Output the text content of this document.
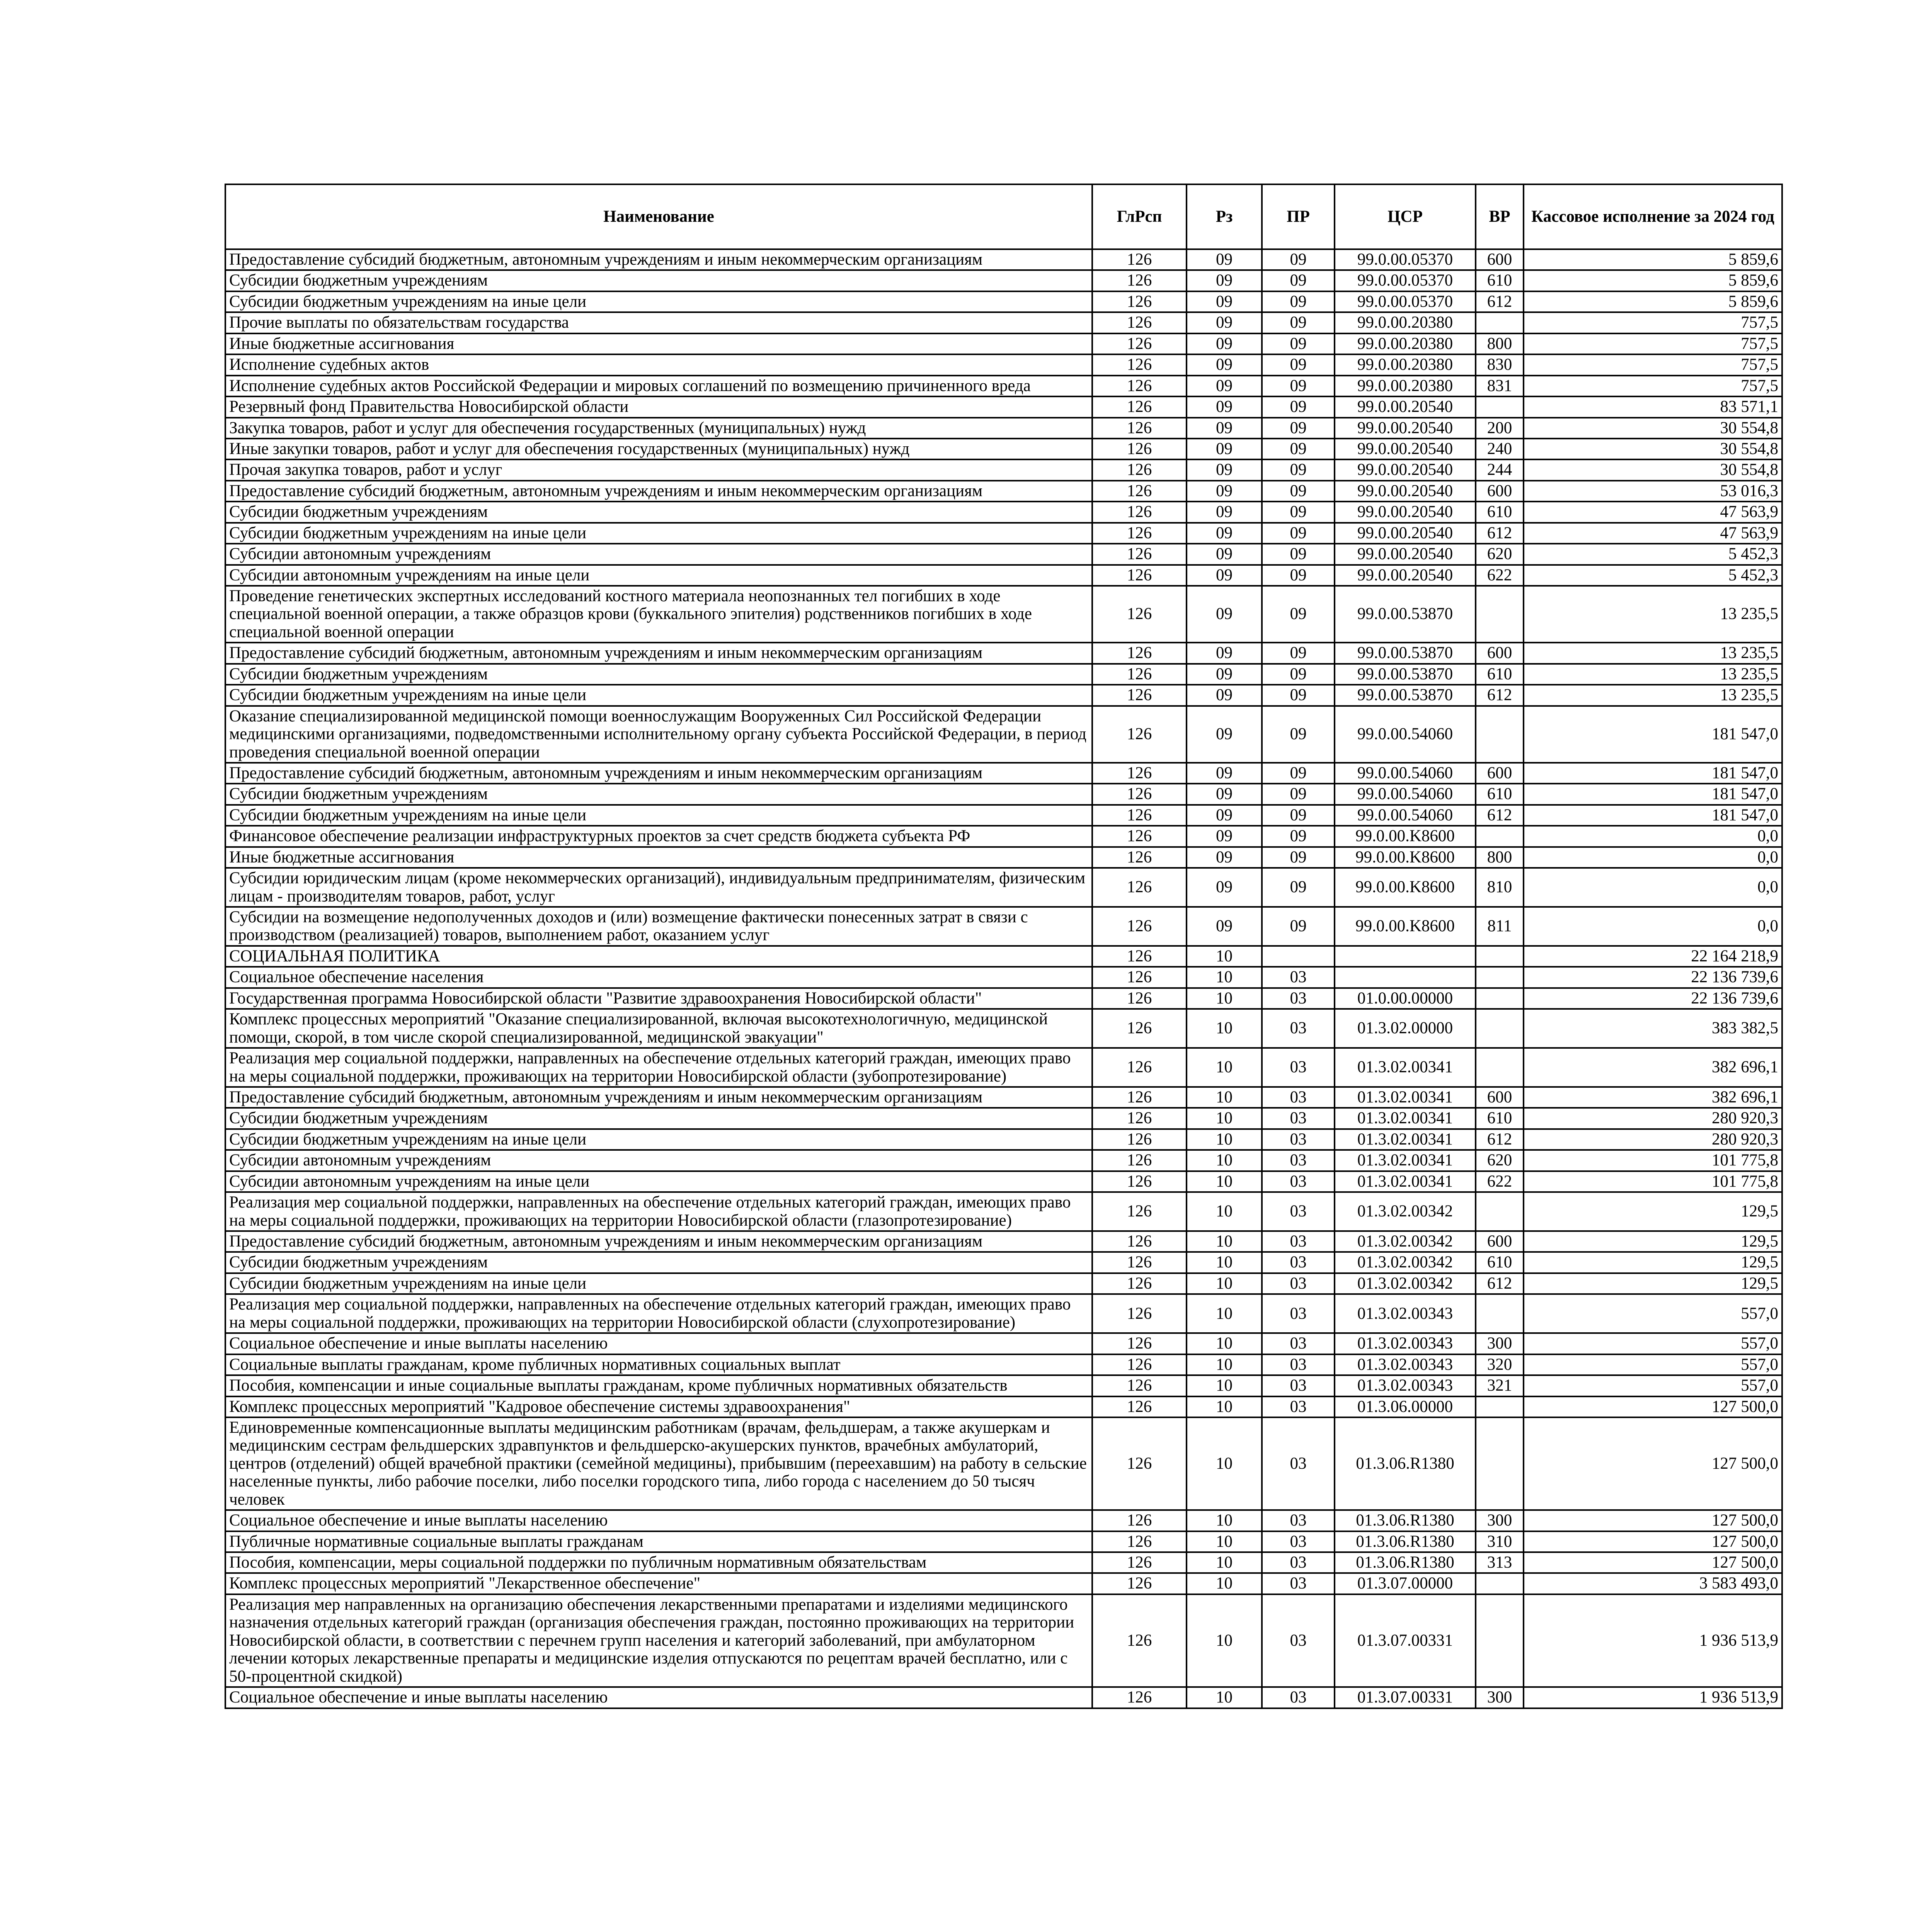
Наименование	ГлРсп	Рз	ПР	ЦСР	ВР	Кассовое исполнение за 2024 год
Предоставление субсидий бюджетным, автономным учреждениям и иным некоммерческим организациям	126	09	09	99.0.00.05370	600	5 859,6
Субсидии бюджетным учреждениям	126	09	09	99.0.00.05370	610	5 859,6
Субсидии бюджетным учреждениям на иные цели	126	09	09	99.0.00.05370	612	5 859,6
Прочие выплаты по обязательствам государства	126	09	09	99.0.00.20380		757,5
Иные бюджетные ассигнования	126	09	09	99.0.00.20380	800	757,5
Исполнение судебных актов	126	09	09	99.0.00.20380	830	757,5
Исполнение судебных актов Российской Федерации и мировых соглашений по возмещению причиненного вреда	126	09	09	99.0.00.20380	831	757,5
Резервный фонд Правительства Новосибирской области	126	09	09	99.0.00.20540		83 571,1
Закупка товаров, работ и услуг для обеспечения государственных (муниципальных) нужд	126	09	09	99.0.00.20540	200	30 554,8
Иные закупки товаров, работ и услуг для обеспечения государственных (муниципальных) нужд	126	09	09	99.0.00.20540	240	30 554,8
Прочая закупка товаров, работ и услуг	126	09	09	99.0.00.20540	244	30 554,8
Предоставление субсидий бюджетным, автономным учреждениям и иным некоммерческим организациям	126	09	09	99.0.00.20540	600	53 016,3
Субсидии бюджетным учреждениям	126	09	09	99.0.00.20540	610	47 563,9
Субсидии бюджетным учреждениям на иные цели	126	09	09	99.0.00.20540	612	47 563,9
Субсидии автономным учреждениям	126	09	09	99.0.00.20540	620	5 452,3
Субсидии автономным учреждениям на иные цели	126	09	09	99.0.00.20540	622	5 452,3
Проведение генетических экспертных исследований костного материала неопознанных тел погибших в ходе специальной военной операции, а также образцов крови (буккального эпителия) родственников погибших в ходе специальной военной операции	126	09	09	99.0.00.53870		13 235,5
Предоставление субсидий бюджетным, автономным учреждениям и иным некоммерческим организациям	126	09	09	99.0.00.53870	600	13 235,5
Субсидии бюджетным учреждениям	126	09	09	99.0.00.53870	610	13 235,5
Субсидии бюджетным учреждениям на иные цели	126	09	09	99.0.00.53870	612	13 235,5
Оказание специализированной медицинской помощи военнослужащим Вооруженных Сил Российской Федерации медицинскими организациями, подведомственными исполнительному органу субъекта Российской Федерации, в период проведения специальной военной операции	126	09	09	99.0.00.54060		181 547,0
Предоставление субсидий бюджетным, автономным учреждениям и иным некоммерческим организациям	126	09	09	99.0.00.54060	600	181 547,0
Субсидии бюджетным учреждениям	126	09	09	99.0.00.54060	610	181 547,0
Субсидии бюджетным учреждениям на иные цели	126	09	09	99.0.00.54060	612	181 547,0
Финансовое обеспечение реализации инфраструктурных проектов за счет средств бюджета субъекта РФ	126	09	09	99.0.00.K8600		0,0
Иные бюджетные ассигнования	126	09	09	99.0.00.K8600	800	0,0
Субсидии юридическим лицам (кроме некоммерческих организаций), индивидуальным предпринимателям, физическим лицам - производителям товаров, работ, услуг	126	09	09	99.0.00.K8600	810	0,0
Субсидии на возмещение недополученных доходов и (или) возмещение фактически понесенных затрат в связи с производством (реализацией) товаров, выполнением работ, оказанием услуг	126	09	09	99.0.00.K8600	811	0,0
СОЦИАЛЬНАЯ ПОЛИТИКА	126	10				22 164 218,9
Социальное обеспечение населения	126	10	03			22 136 739,6
Государственная программа Новосибирской области "Развитие здравоохранения Новосибирской области"	126	10	03	01.0.00.00000		22 136 739,6
Комплекс процессных мероприятий "Оказание специализированной, включая высокотехнологичную, медицинской помощи, скорой, в том числе скорой специализированной, медицинской эвакуации"	126	10	03	01.3.02.00000		383 382,5
Реализация мер социальной поддержки, направленных на обеспечение отдельных категорий граждан, имеющих право на меры социальной поддержки, проживающих на территории Новосибирской области (зубопротезирование)	126	10	03	01.3.02.00341		382 696,1
Предоставление субсидий бюджетным, автономным учреждениям и иным некоммерческим организациям	126	10	03	01.3.02.00341	600	382 696,1
Субсидии бюджетным учреждениям	126	10	03	01.3.02.00341	610	280 920,3
Субсидии бюджетным учреждениям на иные цели	126	10	03	01.3.02.00341	612	280 920,3
Субсидии автономным учреждениям	126	10	03	01.3.02.00341	620	101 775,8
Субсидии автономным учреждениям на иные цели	126	10	03	01.3.02.00341	622	101 775,8
Реализация мер социальной поддержки, направленных на обеспечение отдельных категорий граждан, имеющих право на меры социальной поддержки, проживающих на территории Новосибирской области (глазопротезирование)	126	10	03	01.3.02.00342		129,5
Предоставление субсидий бюджетным, автономным учреждениям и иным некоммерческим организациям	126	10	03	01.3.02.00342	600	129,5
Субсидии бюджетным учреждениям	126	10	03	01.3.02.00342	610	129,5
Субсидии бюджетным учреждениям на иные цели	126	10	03	01.3.02.00342	612	129,5
Реализация мер социальной поддержки, направленных на обеспечение отдельных категорий граждан, имеющих право на меры социальной поддержки, проживающих на территории Новосибирской области (слухопротезирование)	126	10	03	01.3.02.00343		557,0
Социальное обеспечение и иные выплаты населению	126	10	03	01.3.02.00343	300	557,0
Социальные выплаты гражданам, кроме публичных нормативных социальных выплат	126	10	03	01.3.02.00343	320	557,0
Пособия, компенсации и иные социальные выплаты гражданам, кроме публичных нормативных обязательств	126	10	03	01.3.02.00343	321	557,0
Комплекс процессных мероприятий "Кадровое обеспечение системы здравоохранения"	126	10	03	01.3.06.00000		127 500,0
Единовременные компенсационные выплаты медицинским работникам (врачам, фельдшерам, а также акушеркам и медицинским сестрам фельдшерских здравпунктов и фельдшерско-акушерских пунктов, врачебных амбулаторий, центров (отделений) общей врачебной практики (семейной медицины), прибывшим (переехавшим) на работу в сельские населенные пункты, либо рабочие поселки, либо поселки городского типа, либо города с населением до 50 тысяч человек	126	10	03	01.3.06.R1380		127 500,0
Социальное обеспечение и иные выплаты населению	126	10	03	01.3.06.R1380	300	127 500,0
Публичные нормативные социальные выплаты гражданам	126	10	03	01.3.06.R1380	310	127 500,0
Пособия, компенсации, меры социальной поддержки по публичным нормативным обязательствам	126	10	03	01.3.06.R1380	313	127 500,0
Комплекс процессных мероприятий "Лекарственное обеспечение"	126	10	03	01.3.07.00000		3 583 493,0
Реализация мер направленных на организацию обеспечения лекарственными препаратами и изделиями медицинского назначения отдельных категорий граждан (организация обеспечения граждан, постоянно проживающих на территории Новосибирской области, в соответствии с перечнем групп населения и категорий заболеваний, при амбулаторном лечении которых лекарственные препараты и медицинские изделия отпускаются по рецептам врачей бесплатно, или с 50-процентной скидкой)	126	10	03	01.3.07.00331		1 936 513,9
Социальное обеспечение и иные выплаты населению	126	10	03	01.3.07.00331	300	1 936 513,9
